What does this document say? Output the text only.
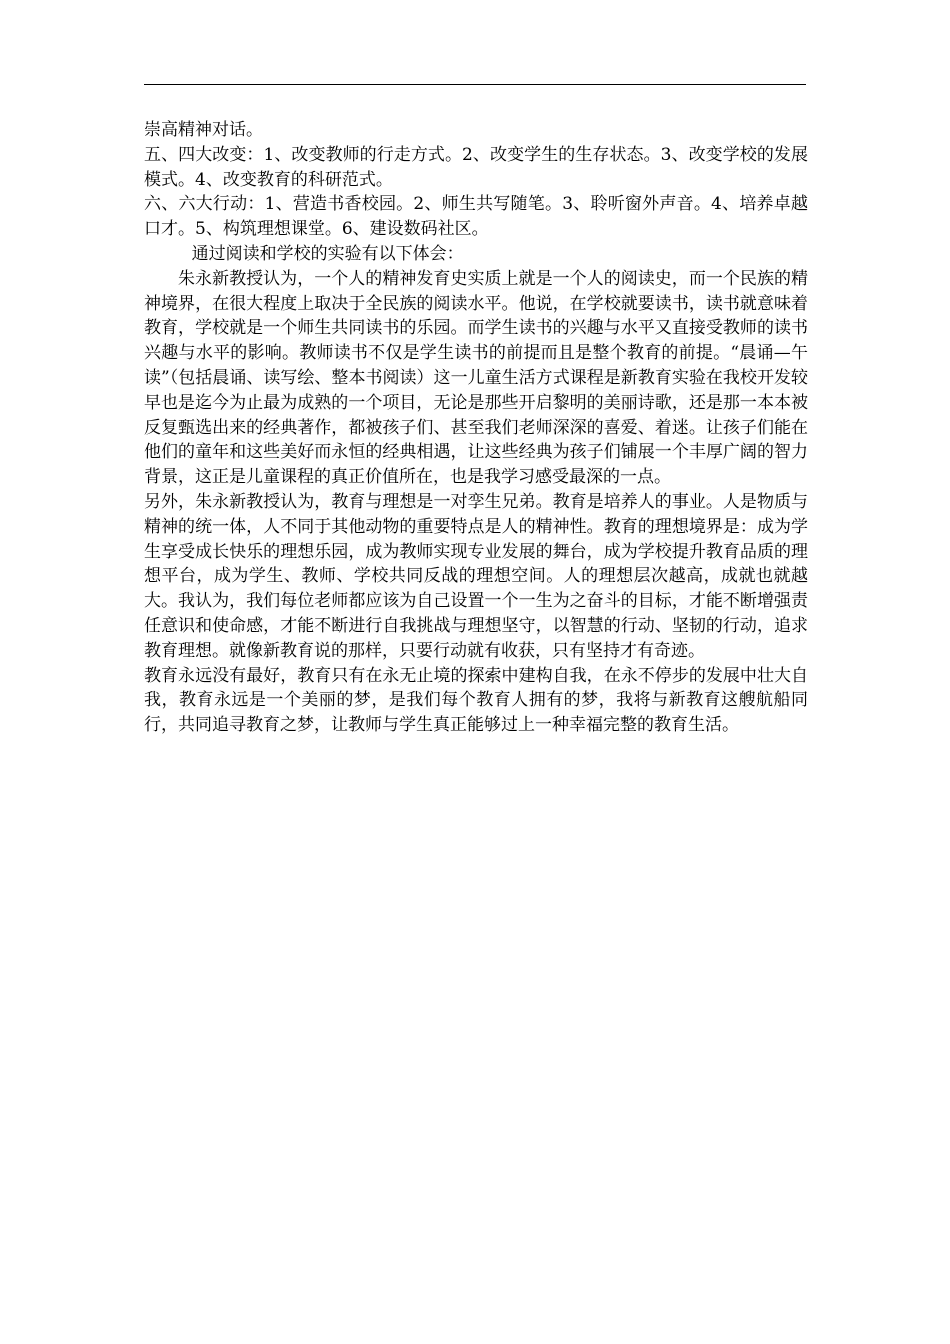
崇高精神对话。

五、四大改变：1、改变教师的行走方式。2、改变学生的生存状态。3、改变学校的发展模式。4、改变教育的科研范式。

六、六大行动：1、营造书香校园。2、师生共写随笔。3、聆听窗外声音。4、培养卓越口才。5、构筑理想课堂。6、建设数码社区。

通过阅读和学校的实验有以下体会：

朱永新教授认为，一个人的精神发育史实质上就是一个人的阅读史，而一个民族的精神境界，在很大程度上取决于全民族的阅读水平。他说，在学校就要读书，读书就意味着教育，学校就是一个师生共同读书的乐园。而学生读书的兴趣与水平又直接受教师的读书兴趣与水平的影响。教师读书不仅是学生读书的前提而且是整个教育的前提。“晨诵—午读”（包括晨诵、读写绘、整本书阅读）这一儿童生活方式课程是新教育实验在我校开发较早也是迄今为止最为成熟的一个项目，无论是那些开启黎明的美丽诗歌，还是那一本本被反复甄选出来的经典著作，都被孩子们、甚至我们老师深深的喜爱、着迷。让孩子们能在他们的童年和这些美好而永恒的经典相遇，让这些经典为孩子们铺展一个丰厚广阔的智力背景，这正是儿童课程的真正价值所在，也是我学习感受最深的一点。

另外，朱永新教授认为，教育与理想是一对孪生兄弟。教育是培养人的事业。人是物质与精神的统一体，人不同于其他动物的重要特点是人的精神性。教育的理想境界是：成为学生享受成长快乐的理想乐园，成为教师实现专业发展的舞台，成为学校提升教育品质的理想平台，成为学生、教师、学校共同反战的理想空间。人的理想层次越高，成就也就越大。我认为，我们每位老师都应该为自己设置一个一生为之奋斗的目标，才能不断增强责任意识和使命感，才能不断进行自我挑战与理想坚守，以智慧的行动、坚韧的行动，追求教育理想。就像新教育说的那样，只要行动就有收获，只有坚持才有奇迹。

教育永远没有最好，教育只有在永无止境的探索中建构自我，在永不停步的发展中壮大自我，教育永远是一个美丽的梦，是我们每个教育人拥有的梦，我将与新教育这艘航船同行，共同追寻教育之梦，让教师与学生真正能够过上一种幸福完整的教育生活。
